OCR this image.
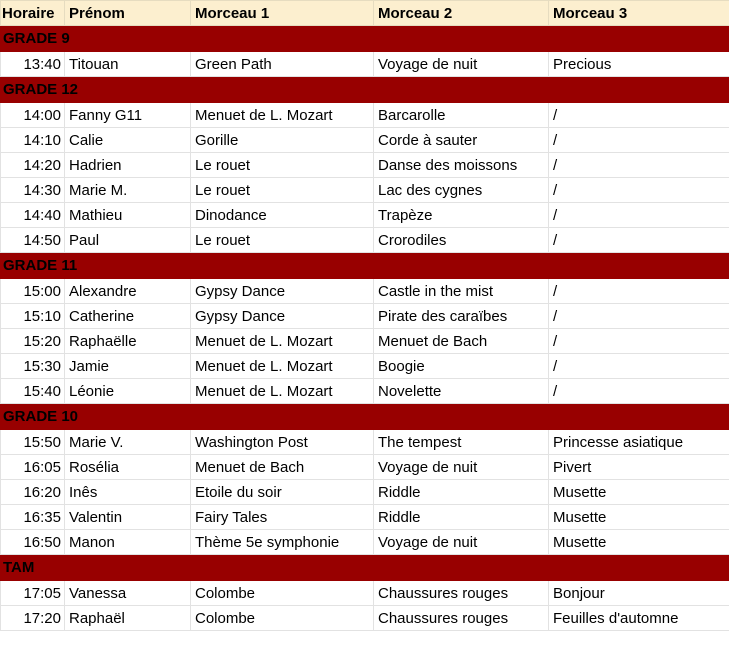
Horaire	Prénom	Morceau 1	Morceau 2	Morceau 3
GRADE 9				
13:40	Titouan	Green Path	Voyage de nuit	Precious
GRADE 12				
14:00	Fanny G11	Menuet de L. Mozart	Barcarolle	/
14:10	Calie	Gorille	Corde à sauter	/
14:20	Hadrien	Le rouet	Danse des moissons	/
14:30	Marie M.	Le rouet	Lac des cygnes	/
14:40	Mathieu	Dinodance	Trapèze	/
14:50	Paul	Le rouet	Crorodiles	/
GRADE 11				
15:00	Alexandre	Gypsy Dance	Castle in the mist	/
15:10	Catherine	Gypsy Dance	Pirate des caraïbes	/
15:20	Raphaëlle	Menuet de L. Mozart	Menuet de Bach	/
15:30	Jamie	Menuet de L. Mozart	Boogie	/
15:40	Léonie	Menuet de L. Mozart	Novelette	/
GRADE 10				
15:50	Marie V.	Washington Post	The tempest	Princesse asiatique
16:05	Rosélia	Menuet de Bach	Voyage de nuit	Pivert
16:20	Inês	Etoile du soir	Riddle	Musette
16:35	Valentin	Fairy Tales	Riddle	Musette
16:50	Manon	Thème 5e symphonie	Voyage de nuit	Musette
TAM				
17:05	Vanessa	Colombe	Chaussures rouges	Bonjour
17:20	Raphaël	Colombe	Chaussures rouges	Feuilles d'automne
